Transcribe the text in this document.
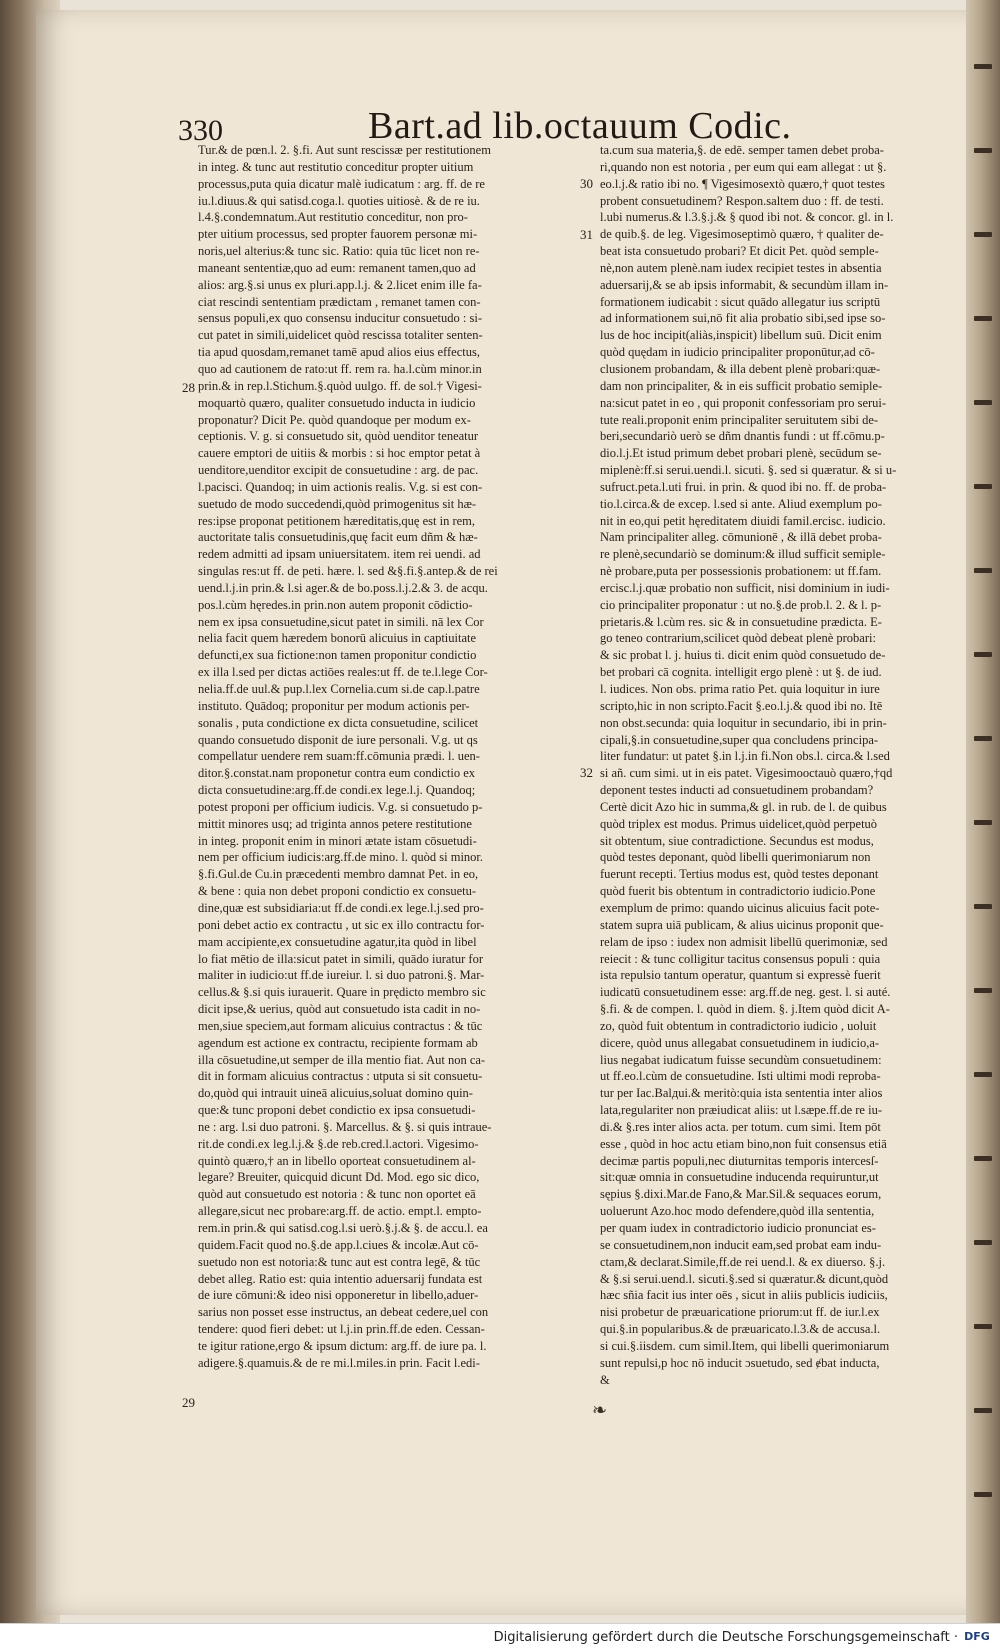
330	Bart.ad lib.octauum Codic.
28
29
30
31
32

Tur.& de pœn.l. 2. §.fi. Aut sunt rescissæ per restitutionem

in integ. & tunc aut restitutio conceditur propter uitium

processus,puta quia dicatur malè iudicatum : arg. ff. de re

iu.l.diuus.& qui satisd.coga.l. quoties uitiosè. & de re iu.

l.4.§.condemnatum.Aut restitutio conceditur, non pro-

pter uitium processus, sed propter fauorem personæ mi-

noris,uel alterius:& tunc sic. Ratio: quia tūc licet non re-

maneant sententiæ,quo ad eum: remanent tamen,quo ad

alios: arg.§.si unus ex pluri.app.l.j. & 2.licet enim ille fa-

ciat rescindi sententiam prædictam , remanet tamen con-

sensus populi,ex quo consensu inducitur consuetudo : si-

cut patet in simili,uidelicet quòd rescissa totaliter senten-

tia apud quosdam,remanet tamē apud alios eius effectus,

quo ad cautionem de rato:ut ff. rem ra. ha.l.cùm minor.in

prin.& in rep.l.Stichum.§.quòd uulgo. ff. de sol.† Vigesi-

moquartò quæro, qualiter consuetudo inducta in iudicio

proponatur? Dicit Pe. quòd quandoque per modum ex-

ceptionis. V. g. si consuetudo sit, quòd uenditor teneatur

cauere emptori de uitiis & morbis : si hoc emptor petat à

uenditore,uenditor excipit de consuetudine : arg. de pac.

l.pacisci. Quandoq; in uim actionis realis. V.g. si est con-

suetudo de modo succedendi,quòd primogenitus sit hæ-

res:ipse proponat petitionem hæreditatis,quę est in rem,

auctoritate talis consuetudinis,quę facit eum dñm & hæ-

redem admitti ad ipsam uniuersitatem. item rei uendi. ad

singulas res:ut ff. de peti. hære. l. sed &§.fi.§.antep.& de rei

uend.l.j.in prin.& l.si ager.& de bo.poss.l.j.2.& 3. de acqu.

pos.l.cùm hęredes.in prin.non autem proponit cōdictio-

nem ex ipsa consuetudine,sicut patet in simili. nā lex Cor

nelia facit quem hæredem bonorū alicuius in captiuitate

defuncti,ex sua fictione:non tamen proponitur condictio

ex illa l.sed per dictas actiōes reales:ut ff. de te.l.lege Cor-

nelia.ff.de uul.& pup.l.lex Cornelia.cum si.de cap.l.patre

instituto. Quādoq; proponitur per modum actionis per-

sonalis , puta condictione ex dicta consuetudine, scilicet

quando consuetudo disponit de iure personali. V.g. ut qs

compellatur uendere rem suam:ff.cōmunia prædi. l. uen-

ditor.§.constat.nam proponetur contra eum condictio ex

dicta consuetudine:arg.ff.de condi.ex lege.l.j. Quandoq;

potest proponi per officium iudicis. V.g. si consuetudo p-

mittit minores usq; ad triginta annos petere restitutione

in integ. proponit enim in minori ætate istam cōsuetudi-

nem per officium iudicis:arg.ff.de mino. l. quòd si minor.

§.fi.Gul.de Cu.in præcedenti membro damnat Pet. in eo,

& bene : quia non debet proponi condictio ex consuetu-

dine,quæ est subsidiaria:ut ff.de condi.ex lege.l.j.sed pro-

poni debet actio ex contractu , ut sic ex illo contractu for-

mam accipiente,ex consuetudine agatur,ita quòd in libel

lo fiat mētio de illa:sicut patet in simili, quādo iuratur for

maliter in iudicio:ut ff.de iureiur. l. si duo patroni.§. Mar-

cellus.& §.si quis iurauerit. Quare in prędicto membro sic

dicit ipse,& uerius, quòd aut consuetudo ista cadit in no-

men,siue speciem,aut formam alicuius contractus : & tūc

agendum est actione ex contractu, recipiente formam ab

illa cōsuetudine,ut semper de illa mentio fiat. Aut non ca-

dit in formam alicuius contractus : utputa si sit consuetu-

do,quòd qui intrauit uineā alicuius,soluat domino quin-

que:& tunc proponi debet condictio ex ipsa consuetudi-

ne : arg. l.si duo patroni. §. Marcellus. & §. si quis intraue-

rit.de condi.ex leg.l.j.& §.de reb.cred.l.actori. Vigesimo-

quintò quæro,† an in libello oporteat consuetudinem al-

legare? Breuiter, quicquid dicunt Dd. Mod. ego sic dico,

quòd aut consuetudo est notoria : & tunc non oportet eā

allegare,sicut nec probare:arg.ff. de actio. empt.l. empto-

rem.in prin.& qui satisd.cog.l.si uerò.§.j.& §. de accu.l. ea

quidem.Facit quod no.§.de app.l.ciues & incolæ.Aut cō-

suetudo non est notoria:& tunc aut est contra legē, & tūc

debet alleg. Ratio est: quia intentio aduersarij fundata est

de iure cōmuni:& ideo nisi opponeretur in libello,aduer-

sarius non posset esse instructus, an debeat cedere,uel con

tendere: quod fieri debet: ut l.j.in prin.ff.de eden. Cessan-

te igitur ratione,ergo & ipsum dictum: arg.ff. de iure pa. l.

adigere.§.quamuis.& de re mi.l.miles.in prin. Facit l.edi-

ta.cum sua materia,§. de edē. semper tamen debet proba-

ri,quando non est notoria , per eum qui eam allegat : ut §.

eo.l.j.& ratio ibi no. ¶ Vigesimosextò quæro,† quot testes

probent consuetudinem? Respon.saltem duo : ff. de testi.

l.ubi numerus.& l.3.§.j.& § quod ibi not. & concor. gl. in l.

de quib.§. de leg. Vigesimoseptimò quæro, † qualiter de-

beat ista consuetudo probari? Et dicit Pet. quòd semple-

nè,non autem plenè.nam iudex recipiet testes in absentia

aduersarij,& se ab ipsis informabit, & secundùm illam in-

formationem iudicabit : sicut quādo allegatur ius scriptū

ad informationem sui,nō fit alia probatio sibi,sed ipse so-

lus de hoc incipit(aliàs,inspicit) libellum suū. Dicit enim

quòd quędam in iudicio principaliter proponūtur,ad cō-

clusionem probandam, & illa debent plenè probari:quæ-

dam non principaliter, & in eis sufficit probatio semiple-

na:sicut patet in eo , qui proponit confessoriam pro serui-

tute reali.proponit enim principaliter seruitutem sibi de-

beri,secundariò uerò se dñm dnantis fundi : ut ff.cōmu.p-

dio.l.j.Et istud primum debet probari plenè, secūdum se-

miplenè:ff.si serui.uendi.l. sicuti. §. sed si quæratur. & si u-

sufruct.peta.l.uti frui. in prin. & quod ibi no. ff. de proba-

tio.l.circa.& de excep. l.sed si ante. Aliud exemplum po-

nit in eo,qui petit hęreditatem diuidi famil.ercisc. iudicio.

Nam principaliter alleg. cōmunionē , & illā debet proba-

re plenè,secundariò se dominum:& illud sufficit semiple-

nè probare,puta per possessionis probationem: ut ff.fam.

ercisc.l.j.quæ probatio non sufficit, nisi dominium in iudi-

cio principaliter proponatur : ut no.§.de prob.l. 2. & l. p-

prietaris.& l.cùm res. sic & in consuetudine prædicta. E-

go teneo contrarium,scilicet quòd debeat plenè probari:

& sic probat l. j. huius ti. dicit enim quòd consuetudo de-

bet probari cā cognita. intelligit ergo plenè : ut §. de iud.

l. iudices. Non obs. prima ratio Pet. quia loquitur in iure

scripto,hic in non scripto.Facit §.eo.l.j.& quod ibi no. Itē

non obst.secunda: quia loquitur in secundario, ibi in prin-

cipali,§.in consuetudine,super qua concludens principa-

liter fundatur: ut patet §.in l.j.in fi.Non obs.l. circa.& l.sed

si añ. cum simi. ut in eis patet. Vigesimooctauò quæro,†qd

deponent testes inducti ad consuetudinem probandam?

Certè dicit Azo hic in summa,& gl. in rub. de l. de quibus

quòd triplex est modus. Primus uidelicet,quòd perpetuò

sit obtentum, siue contradictione. Secundus est modus,

quòd testes deponant, quòd libelli querimoniarum non

fuerunt recepti. Tertius modus est, quòd testes deponant

quòd fuerit bis obtentum in contradictorio iudicio.Pone

exemplum de primo: quando uicinus alicuius facit pote-

statem supra uiā publicam, & alius uicinus proponit que-

relam de ipso : iudex non admisit libellū querimoniæ, sed

reiecit : & tunc colligitur tacitus consensus populi : quia

ista repulsio tantum operatur, quantum si expressè fuerit

iudicatū consuetudinem esse: arg.ff.de neg. gest. l. si auté.

§.fi. & de compen. l. quòd in diem. §. j.Item quòd dicit A-

zo, quòd fuit obtentum in contradictorio iudicio , uoluit

dicere, quòd unus allegabat consuetudinem in iudicio,a-

lius negabat iudicatum fuisse secundùm consuetudinem:

ut ff.eo.l.cùm de consuetudine. Isti ultimi modi reproba-

tur per Iac.Balдui.& meritò:quia ista sententia inter alios

lata,regulariter non præiudicat aliis: ut l.sæpe.ff.de re iu-

di.& §.res inter alios acta. per totum. cum simi. Item pōt

esse , quòd in hoc actu etiam bino,non fuit consensus etiā

decimæ partis populi,nec diuturnitas temporis intercesſ-

sit:quæ omnia in consuetudine inducenda requiruntur,ut

sępius §.dixi.Mar.de Fano,& Mar.Sil.& sequaces eorum,

uoluerunt Azo.hoc modo defendere,quòd illa sententia,

per quam iudex in contradictorio iudicio pronunciat es-

se consuetudinem,non inducit eam,sed probat eam indu-

ctam,& declarat.Simile,ff.de rei uend.l. & ex diuerso. §.j.

& §.si serui.uend.l. sicuti.§.sed si quæratur.& dicunt,quòd

hæc sñia facit ius inter oēs , sicut in aliis publicis iudiciis,

nisi probetur de præuaricatione priorum:ut ff. de iur.l.ex

qui.§.in popularibus.& de præuaricato.l.3.& de accusa.l.

si cui.§.iisdem. cum simil.Item, qui libelli querimoniarum

sunt repulsi,p hoc nō inducit ɔsuetudo, sed ɇbat inducta,

&

❧
Digitalisierung gefördert durch die Deutsche Forschungsgemeinschaft · DFG
